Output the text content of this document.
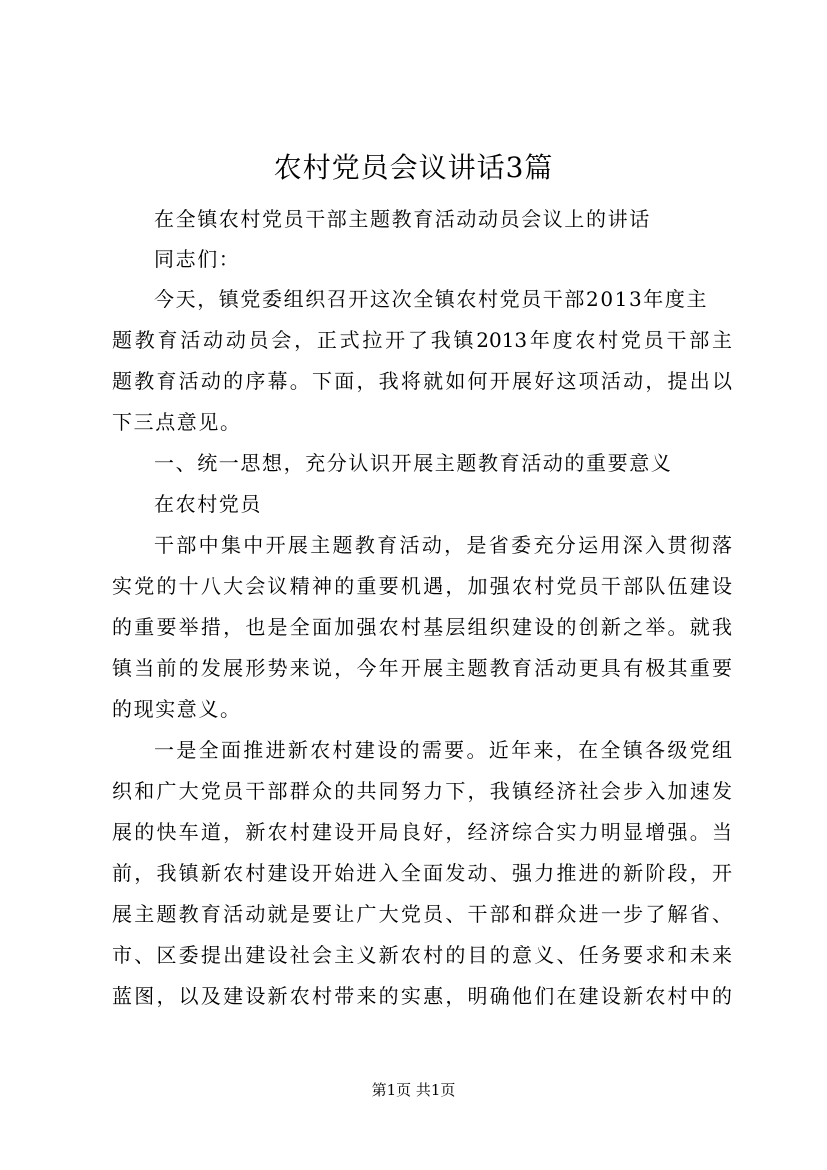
农村党员会议讲话3篇
在全镇农村党员干部主题教育活动动员会议上的讲话
同志们：
今天，镇党委组织召开这次全镇农村党员干部2013年度主
题教育活动动员会，正式拉开了我镇2013年度农村党员干部主
题教育活动的序幕。下面，我将就如何开展好这项活动，提出以
下三点意见。
一、统一思想，充分认识开展主题教育活动的重要意义
在农村党员
干部中集中开展主题教育活动，是省委充分运用深入贯彻落
实党的十八大会议精神的重要机遇，加强农村党员干部队伍建设
的重要举措，也是全面加强农村基层组织建设的创新之举。就我
镇当前的发展形势来说，今年开展主题教育活动更具有极其重要
的现实意义。
一是全面推进新农村建设的需要。近年来，在全镇各级党组
织和广大党员干部群众的共同努力下，我镇经济社会步入加速发
展的快车道，新农村建设开局良好，经济综合实力明显增强。当
前，我镇新农村建设开始进入全面发动、强力推进的新阶段，开
展主题教育活动就是要让广大党员、干部和群众进一步了解省、
市、区委提出建设社会主义新农村的目的意义、任务要求和未来
蓝图，以及建设新农村带来的实惠，明确他们在建设新农村中的
第1页 共1页
